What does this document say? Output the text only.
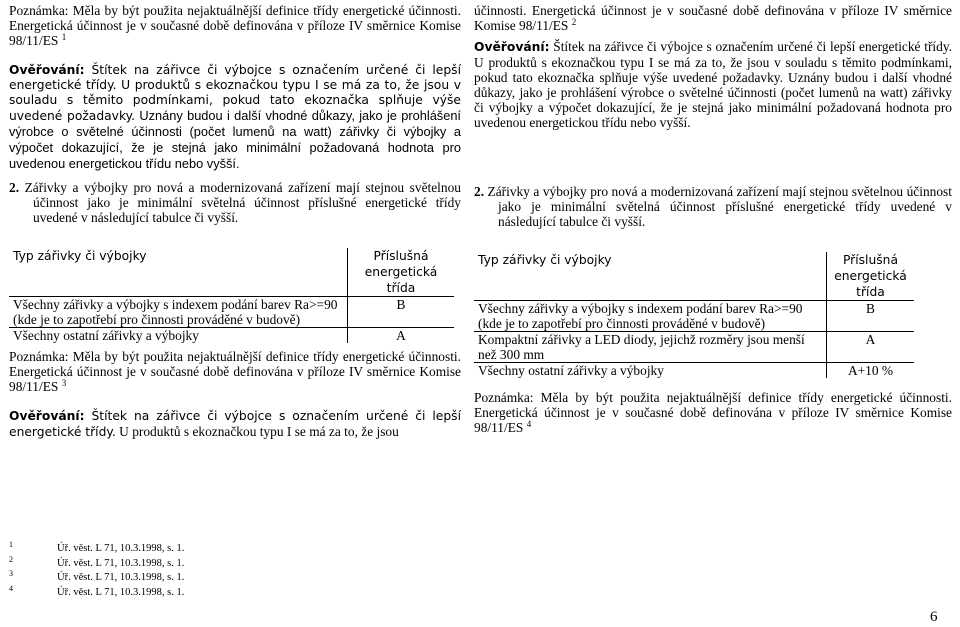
Poznámka: Měla by být použita nejaktuálnější definice třídy energetické účinnosti. Energetická účinnost je v současné době definována v příloze IV směrnice Komise 98/11/ES $^1$

Ověřování: Štítek na zářivce či výbojce s označením určené či lepší energetické třídy. U produktů s ekoznačkou typu I se má za to, že jsou v souladu s těmito podmínkami, pokud tato ekoznačka splňuje výše uvedené požadavky. Uznány budou i další vhodné důkazy, jako je prohlášení výrobce o světelné účinnosti (počet lumenů na watt) zářivky či výbojky a výpočet dokazující, že je stejná jako minimální požadovaná hodnota pro uvedenou energetickou třídu nebo vyšší.

2. Zářivky a výbojky pro nová a modernizovaná zařízení mají stejnou světelnou účinnost jako je minimální světelná účinnost příslušné energetické třídy uvedené v následující tabulce či vyšší.

Typ zářivky či výbojky	Příslušná energetická třída
Všechny zářivky a výbojky s indexem podání barev Ra>=90 (kde je to zapotřebí pro činnosti prováděné v budově)	B
Všechny ostatní zářivky a výbojky	A

Poznámka: Měla by být použita nejaktuálnější definice třídy energetické účinnosti. Energetická účinnost je v současné době definována v příloze IV směrnice Komise 98/11/ES $^3$

Ověřování: Štítek na zářivce či výbojce s označením určené či lepší energetické třídy. U produktů s ekoznačkou typu I se má za to, že jsou

účinnosti. Energetická účinnost je v současné době definována v příloze IV směrnice Komise 98/11/ES $^2$

Ověřování: Štítek na zářivce či výbojce s označením určené či lepší energetické třídy. U produktů s ekoznačkou typu I se má za to, že jsou v souladu s těmito podmínkami, pokud tato ekoznačka splňuje výše uvedené požadavky. Uznány budou i další vhodné důkazy, jako je prohlášení výrobce o světelné účinnosti (počet lumenů na watt) zářivky či výbojky a výpočet dokazující, že je stejná jako minimální požadovaná hodnota pro uvedenou energetickou třídu nebo vyšší.

2. Zářivky a výbojky pro nová a modernizovaná zařízení mají stejnou světelnou účinnost jako je minimální světelná účinnost příslušné energetické třídy uvedené v následující tabulce či vyšší.

Typ zářivky či výbojky	Příslušná energetická třída
Všechny zářivky a výbojky s indexem podání barev Ra>=90 (kde je to zapotřebí pro činnosti prováděné v budově)	B
Kompaktní zářivky a LED diody, jejichž rozměry jsou menší než 300 mm	A
Všechny ostatní zářivky a výbojky	A+10 %

Poznámka: Měla by být použita nejaktuálnější definice třídy energetické účinnosti. Energetická účinnost je v současné době definována v příloze IV směrnice Komise 98/11/ES $^4$

1	Úř. věst. L 71, 10.3.1998, s. 1.
2	Úř. věst. L 71, 10.3.1998, s. 1.
3	Úř. věst. L 71, 10.3.1998, s. 1.
4	Úř. věst. L 71, 10.3.1998, s. 1.
6
